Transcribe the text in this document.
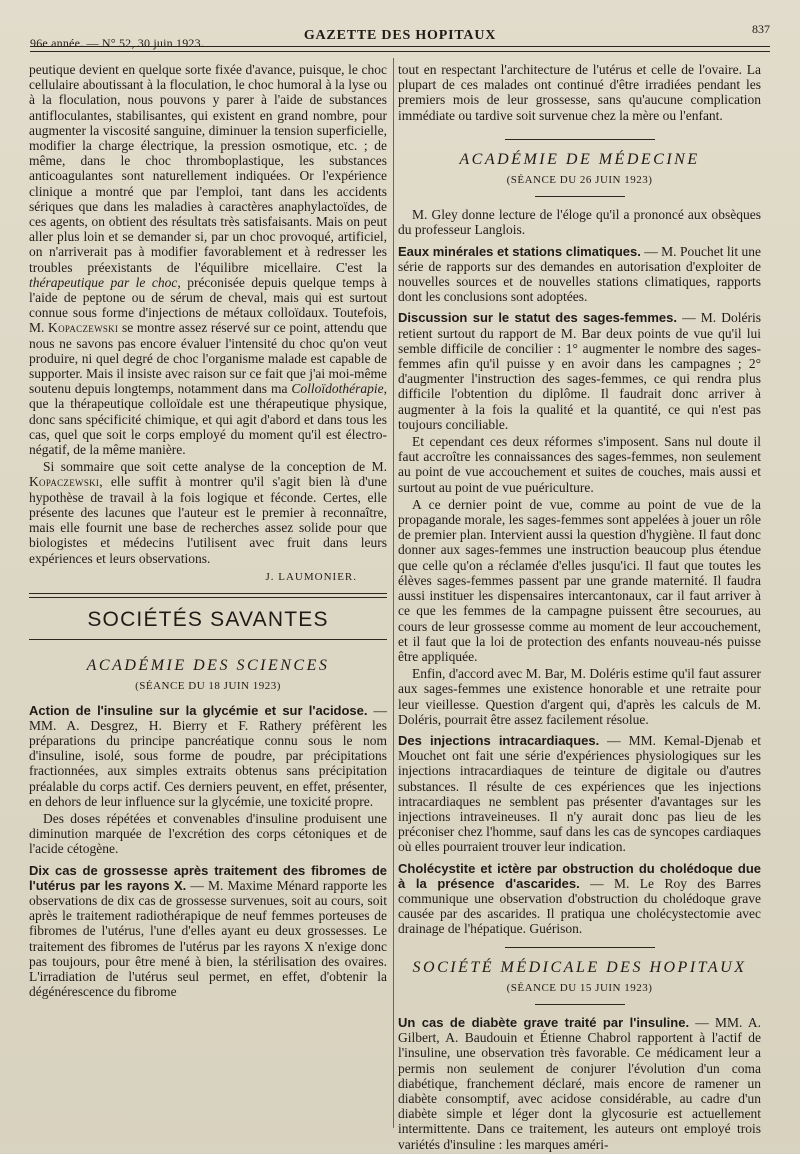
96e année. — N° 52, 30 juin 1923.	GAZETTE DES HOPITAUX	837

peutique devient en quelque sorte fixée d'avance, puisque, le choc cellulaire aboutissant à la floculation, le choc humoral à la lyse ou à la floculation, nous pouvons y parer à l'aide de substances antifloculantes, stabilisantes, qui existent en grand nombre, pour augmenter la viscosité sanguine, diminuer la tension superficielle, modifier la charge électrique, la pression osmotique, etc. ; de même, dans le choc thromboplastique, les substances anticoagulantes sont naturellement indiquées. Or l'expérience clinique a montré que par l'emploi, tant dans les accidents sériques que dans les maladies à caractères anaphylactoïdes, de ces agents, on obtient des résultats très satisfaisants. Mais on peut aller plus loin et se demander si, par un choc provoqué, artificiel, on n'arriverait pas à modifier favorablement et à redresser les troubles préexistants de l'équilibre micellaire. C'est la thérapeutique par le choc, préconisée depuis quelque temps à l'aide de peptone ou de sérum de cheval, mais qui est surtout connue sous forme d'injections de métaux colloïdaux. Toutefois, M. Kopaczewski se montre assez réservé sur ce point, attendu que nous ne savons pas encore évaluer l'intensité du choc qu'on veut produire, ni quel degré de choc l'organisme malade est capable de supporter. Mais il insiste avec raison sur ce fait que j'ai moi-même soutenu depuis longtemps, notamment dans ma Colloïdothérapie, que la thérapeutique colloïdale est une thérapeutique physique, donc sans spécificité chimique, et qui agit d'abord et dans tous les cas, quel que soit le corps employé du moment qu'il est électro-négatif, de la même manière.

Si sommaire que soit cette analyse de la conception de M. Kopaczewski, elle suffit à montrer qu'il s'agit bien là d'une hypothèse de travail à la fois logique et féconde. Certes, elle présente des lacunes que l'auteur est le premier à reconnaître, mais elle fournit une base de recherches assez solide pour que biologistes et médecins l'utilisent avec fruit dans leurs expériences et leurs observations.

J. LAUMONIER.
SOCIÉTÉS SAVANTES
ACADÉMIE DES SCIENCES
(SÉANCE DU 18 JUIN 1923)

Action de l'insuline sur la glycémie et sur l'acidose. — MM. A. Desgrez, H. Bierry et F. Rathery préfèrent les préparations du principe pancréatique connu sous le nom d'insuline, isolé, sous forme de poudre, par précipitations fractionnées, aux simples extraits obtenus sans précipitation préalable du corps actif. Ces derniers peuvent, en effet, présenter, en dehors de leur influence sur la glycémie, une toxicité propre.

Des doses répétées et convenables d'insuline produisent une diminution marquée de l'excrétion des corps cétoniques et de l'acide cétogène.

Dix cas de grossesse après traitement des fibromes de l'utérus par les rayons X. — M. Maxime Ménard rapporte les observations de dix cas de grossesse survenues, soit au cours, soit après le traitement radiothérapique de neuf femmes porteuses de fibromes de l'utérus, l'une d'elles ayant eu deux grossesses. Le traitement des fibromes de l'utérus par les rayons X n'exige donc pas toujours, pour être mené à bien, la stérilisation des ovaires. L'irradiation de l'utérus seul permet, en effet, d'obtenir la dégénérescence du fibrome

tout en respectant l'architecture de l'utérus et celle de l'ovaire. La plupart de ces malades ont continué d'être irradiées pendant les premiers mois de leur grossesse, sans qu'aucune complication immédiate ou tardive soit survenue chez la mère ou l'enfant.

ACADÉMIE DE MÉDECINE
(SÉANCE DU 26 JUIN 1923)

M. Gley donne lecture de l'éloge qu'il a prononcé aux obsèques du professeur Langlois.

Eaux minérales et stations climatiques. — M. Pouchet lit une série de rapports sur des demandes en autorisation d'exploiter de nouvelles sources et de nouvelles stations climatiques, rapports dont les conclusions sont adoptées.

Discussion sur le statut des sages-femmes. — M. Doléris retient surtout du rapport de M. Bar deux points de vue qu'il lui semble difficile de concilier : 1° augmenter le nombre des sages-femmes afin qu'il puisse y en avoir dans les campagnes ; 2° d'augmenter l'instruction des sages-femmes, ce qui rendra plus difficile l'obtention du diplôme. Il faudrait donc arriver à augmenter à la fois la qualité et la quantité, ce qui n'est pas toujours conciliable.

Et cependant ces deux réformes s'imposent. Sans nul doute il faut accroître les connaissances des sages-femmes, non seulement au point de vue accouchement et suites de couches, mais aussi et surtout au point de vue puériculture.

A ce dernier point de vue, comme au point de vue de la propagande morale, les sages-femmes sont appelées à jouer un rôle de premier plan. Intervient aussi la question d'hygiène. Il faut donc donner aux sages-femmes une instruction beaucoup plus étendue que celle qu'on a réclamée d'elles jusqu'ici. Il faut que toutes les élèves sages-femmes passent par une grande maternité. Il faudra aussi instituer les dispensaires intercantonaux, car il faut arriver à ce que les femmes de la campagne puissent être secourues, au cours de leur grossesse comme au moment de leur accouchement, et il faut que la loi de protection des enfants nouveau-nés puisse être appliquée.

Enfin, d'accord avec M. Bar, M. Doléris estime qu'il faut assurer aux sages-femmes une existence honorable et une retraite pour leur vieillesse. Question d'argent qui, d'après les calculs de M. Doléris, pourrait être assez facilement résolue.

Des injections intracardiaques. — MM. Kemal-Djenab et Mouchet ont fait une série d'expériences physiologiques sur les injections intracardiaques de teinture de digitale ou d'autres substances. Il résulte de ces expériences que les injections intracardiaques ne semblent pas présenter d'avantages sur les injections intraveineuses. Il n'y aurait donc pas lieu de les préconiser chez l'homme, sauf dans les cas de syncopes cardiaques où elles pourraient trouver leur indication.

Cholécystite et ictère par obstruction du cholédoque due à la présence d'ascarides. — M. Le Roy des Barres communique une observation d'obstruction du cholédoque grave causée par des ascarides. Il pratiqua une cholécystectomie avec drainage de l'hépatique. Guérison.

SOCIÉTÉ MÉDICALE DES HOPITAUX
(SÉANCE DU 15 JUIN 1923)

Un cas de diabète grave traité par l'insuline. — MM. A. Gilbert, A. Baudouin et Étienne Chabrol rapportent à l'actif de l'insuline, une observation très favorable. Ce médicament leur a permis non seulement de conjurer l'évolution d'un coma diabétique, franchement déclaré, mais encore de ramener un diabète consomptif, avec acidose considérable, au cadre d'un diabète simple et léger dont la glycosurie est actuellement intermittente. Dans ce traitement, les auteurs ont employé trois variétés d'insuline : les marques améri-
